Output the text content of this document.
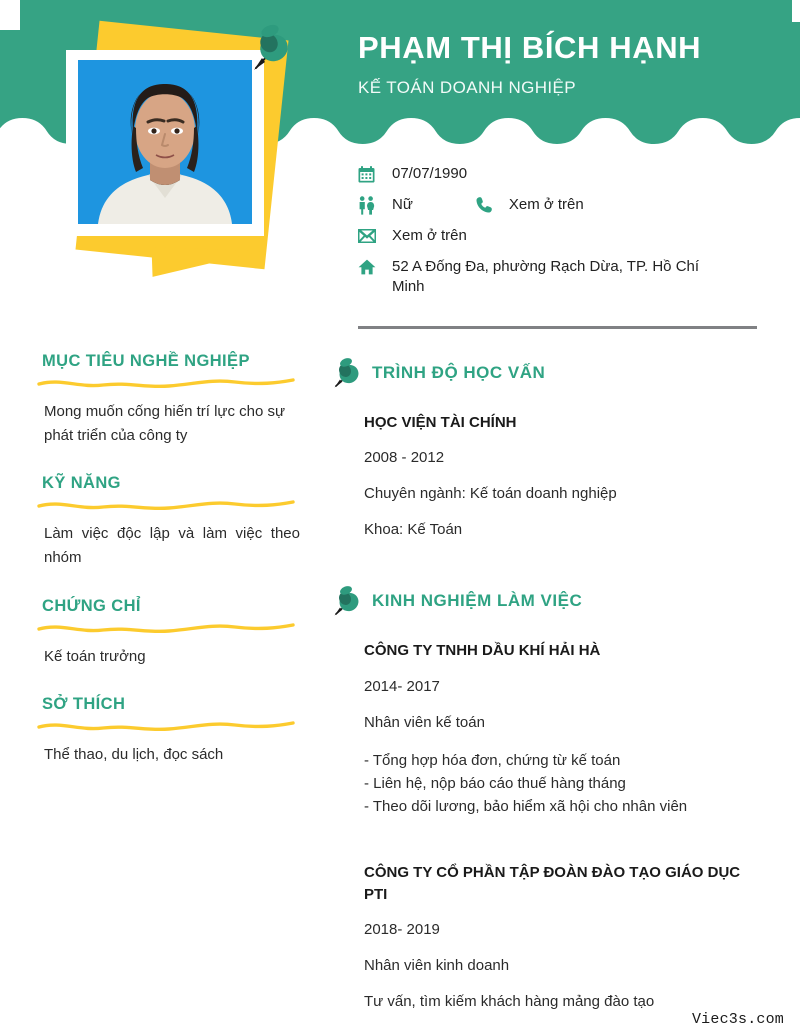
PHẠM THỊ BÍCH HẠNH
KẾ TOÁN DOANH NGHIỆP
07/07/1990
Nữ	Xem ở trên
Xem ở trên
52 A Đống Đa, phường Rạch Dừa, TP. Hồ Chí Minh
MỤC TIÊU NGHỀ NGHIỆP
Mong muốn cống hiến trí lực cho sự phát triển của công ty
KỸ NĂNG
Làm việc độc lập và làm việc theo nhóm
CHỨNG CHỈ
Kế toán trưởng
SỞ THÍCH
Thể thao, du lịch, đọc sách
TRÌNH ĐỘ HỌC VẤN
HỌC VIỆN TÀI CHÍNH
2008 - 2012
Chuyên ngành: Kế toán doanh nghiệp
Khoa: Kế Toán
KINH NGHIỆM LÀM VIỆC
CÔNG TY TNHH DẦU KHÍ HẢI HÀ
2014- 2017
Nhân viên kế toán
- Tổng hợp hóa đơn, chứng từ kế toán
- Liên hệ, nộp báo cáo thuế hàng tháng
- Theo dõi lương, bảo hiểm xã hội cho nhân viên
CÔNG TY CỔ PHẦN TẬP ĐOÀN ĐÀO TẠO GIÁO DỤC PTI
2018- 2019
Nhân viên kinh doanh
Tư vấn, tìm kiếm khách hàng mảng đào tạo
Viec3s.com
